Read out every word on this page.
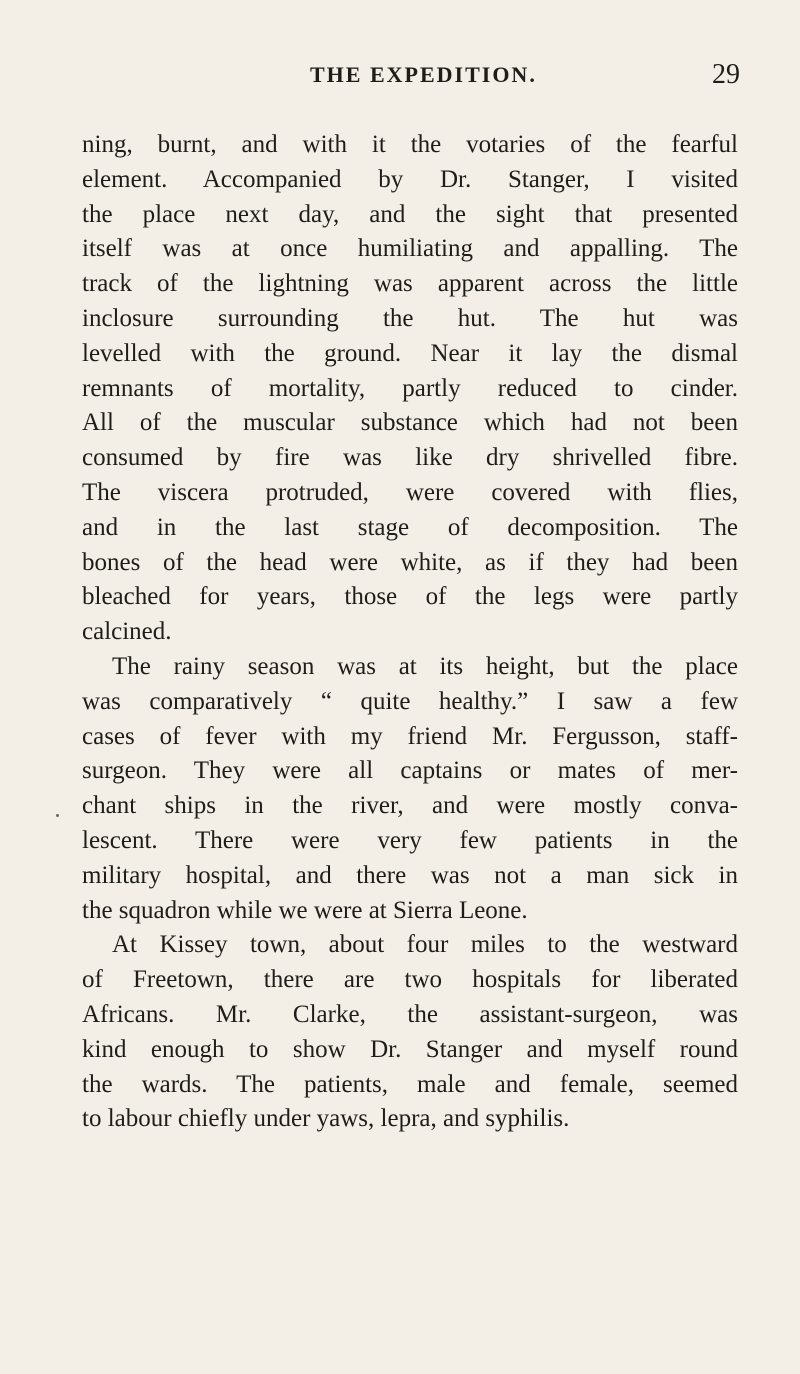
THE EXPEDITION.	29
ning, burnt, and with it the votaries of the fearful
element. Accompanied by Dr. Stanger, I visited
the place next day, and the sight that presented
itself was at once humiliating and appalling. The
track of the lightning was apparent across the little
inclosure surrounding the hut. The hut was
levelled with the ground. Near it lay the dismal
remnants of mortality, partly reduced to cinder.
All of the muscular substance which had not been
consumed by fire was like dry shrivelled fibre.
The viscera protruded, were covered with flies,
and in the last stage of decomposition. The
bones of the head were white, as if they had been
bleached for years, those of the legs were partly
calcined.
The rainy season was at its height, but the place
was comparatively “ quite healthy.” I saw a few
cases of fever with my friend Mr. Fergusson, staff-
surgeon. They were all captains or mates of mer-
chant ships in the river, and were mostly conva-
lescent. There were very few patients in the
military hospital, and there was not a man sick in
the squadron while we were at Sierra Leone.
At Kissey town, about four miles to the westward
of Freetown, there are two hospitals for liberated
Africans. Mr. Clarke, the assistant-surgeon, was
kind enough to show Dr. Stanger and myself round
the wards. The patients, male and female, seemed
to labour chiefly under yaws, lepra, and syphilis.
